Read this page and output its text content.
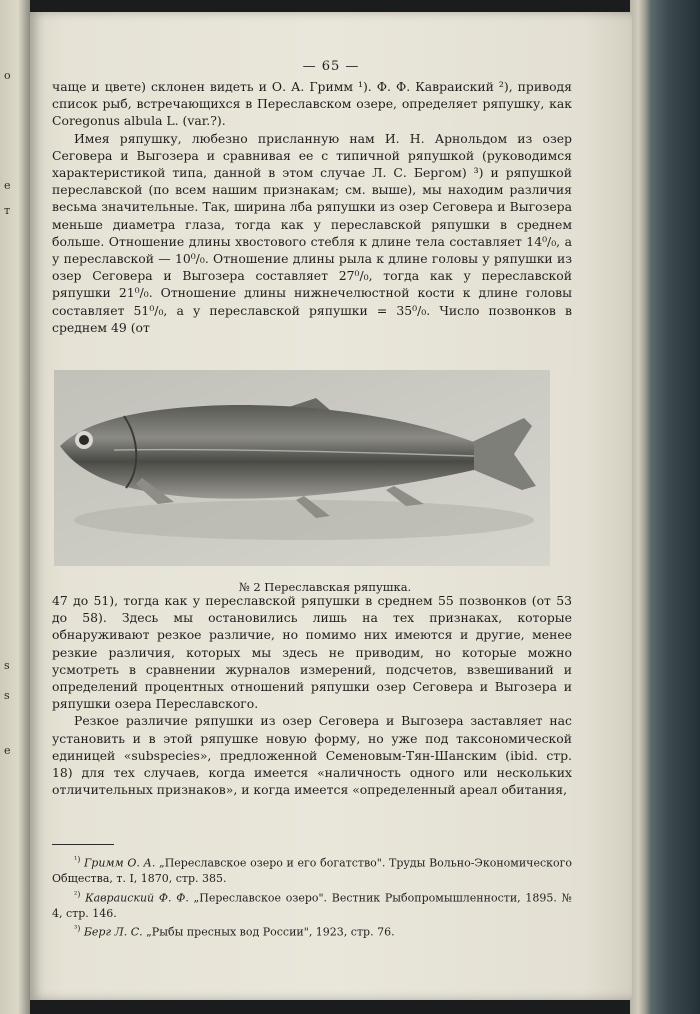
o
е
т
s
s
е
— 65 —

чаще и цвете) склонен видеть и О. А. Гримм ¹). Ф. Ф. Кавраиский ²), приводя список рыб, встречающихся в Переславском озере, определяет ряпушку, как Coregonus albula L. (var.?).

Имея ряпушку, любезно присланную нам И. Н. Арнольдом из озер Сеговера и Выгозера и сравнивая ее с типичной ряпушкой (руководимся характеристикой типа, данной в этом случае Л. С. Бергом) ³) и ряпушкой переславской (по всем нашим признакам; см. выше), мы находим различия весьма значительные. Так, ширина лба ряпушки из озер Сеговера и Выгозера меньше диаметра глаза, тогда как у переславской ряпушки в среднем больше. Отношение длины хвостового стебля к длине тела составляет 14⁰/₀, а у переславской — 10⁰/₀. Отношение длины рыла к длине головы у ряпушки из озер Сеговера и Выгозера составляет 27⁰/₀, тогда как у переславской ряпушки 21⁰/₀. Отношение длины нижнечелюстной кости к длине головы составляет 51⁰/₀, а у переславской ряпушки = 35⁰/₀. Число позвонков в среднем 49 (от

№ 2 Переславская ряпушка.

47 до 51), тогда как у переславской ряпушки в среднем 55 позвонков (от 53 до 58). Здесь мы остановились лишь на тех признаках, которые обнаруживают резкое различие, но помимо них имеются и другие, менее резкие различия, которых мы здесь не приводим, но которые можно усмотреть в сравнении журналов измерений, подсчетов, взвешиваний и определений процентных отношений ряпушки озер Сеговера и Выгозера и ряпушки озера Переславского.

Резкое различие ряпушки из озер Сеговера и Выгозера заставляет нас установить и в этой ряпушке новую форму, но уже под таксономической единицей «subspecies», предложенной Семеновым-Тян-Шанским (ibid. стр. 18) для тех случаев, когда имеется «наличность одного или нескольких отличительных признаков», и когда имеется «определенный ареал обитания,

$^{^1)}$ Гримм О. А. „Переславское озеро и его богатство". Труды Вольно-Экономического Общества, т. I, 1870, стр. 385.

$^{^2)}$ Кавраиский Ф. Ф. „Переславское озеро". Вестник Рыбопромышленности, 1895. № 4, стр. 146.

$^{^3)}$ Берг Л. С. „Рыбы пресных вод России", 1923, стр. 76.
